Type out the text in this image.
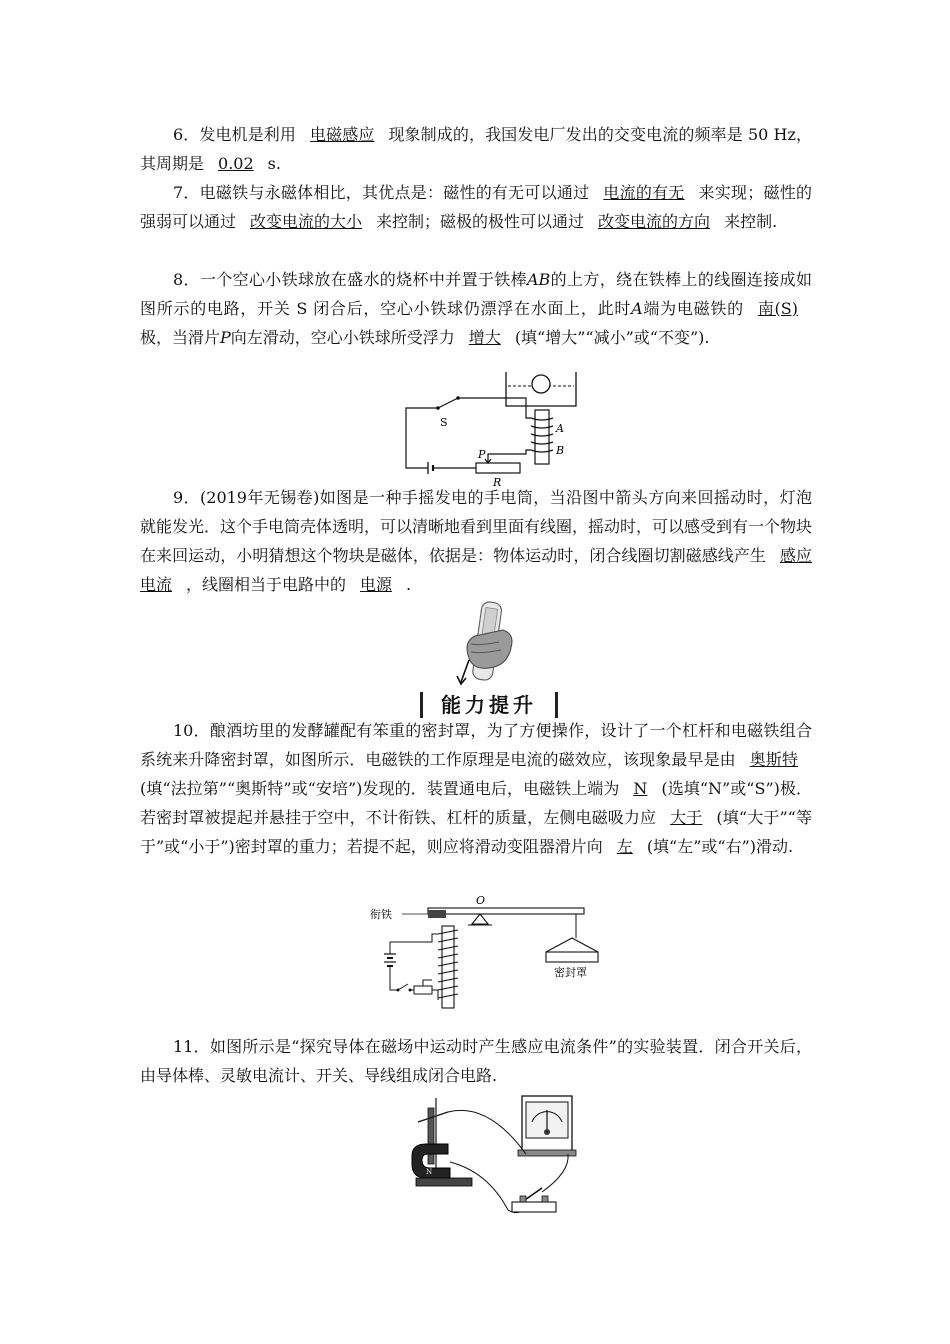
6．发电机是利用 电磁感应 现象制成的，我国发电厂发出的交变电流的频率是 50 Hz，其周期是 0.02 s.
7．电磁铁与永磁体相比，其优点是：磁性的有无可以通过 电流的有无 来实现；磁性的强弱可以通过 改变电流的大小 来控制；磁极的极性可以通过 改变电流的方向 来控制.
8．一个空心小铁球放在盛水的烧杯中并置于铁棒AB的上方，绕在铁棒上的线圈连接成如图所示的电路，开关 S 闭合后，空心小铁球仍漂浮在水面上，此时A端为电磁铁的 南(S)极，当滑片P向左滑动，空心小铁球所受浮力 增大 (填“增大”“减小”或“不变”).
A
B
S
P
R
9．(2019年无锡卷)如图是一种手摇发电的手电筒，当沿图中箭头方向来回摇动时，灯泡就能发光．这个手电筒壳体透明，可以清晰地看到里面有线圈，摇动时，可以感受到有一个物块在来回运动，小明猜想这个物块是磁体，依据是：物体运动时，闭合线圈切割磁感线产生 感应电流 ，线圈相当于电路中的 电源 .
能力提升
10．酿酒坊里的发酵罐配有笨重的密封罩，为了方便操作，设计了一个杠杆和电磁铁组合系统来升降密封罩，如图所示．电磁铁的工作原理是电流的磁效应，该现象最早是由 奥斯特(填“法拉第”“奥斯特”或“安培”)发现的．装置通电后，电磁铁上端为 N (选填“N”或“S”)极．若密封罩被提起并悬挂于空中，不计衔铁、杠杆的质量，左侧电磁吸力应 大于 (填“大于”“等于”或“小于”)密封罩的重力；若提不起，则应将滑动变阻器滑片向 左 (填“左”或“右”)滑动.
衔铁
O
密封罩
11．如图所示是“探究导体在磁场中运动时产生感应电流条件”的实验装置．闭合开关后，由导体棒、灵敏电流计、开关、导线组成闭合电路.
N
